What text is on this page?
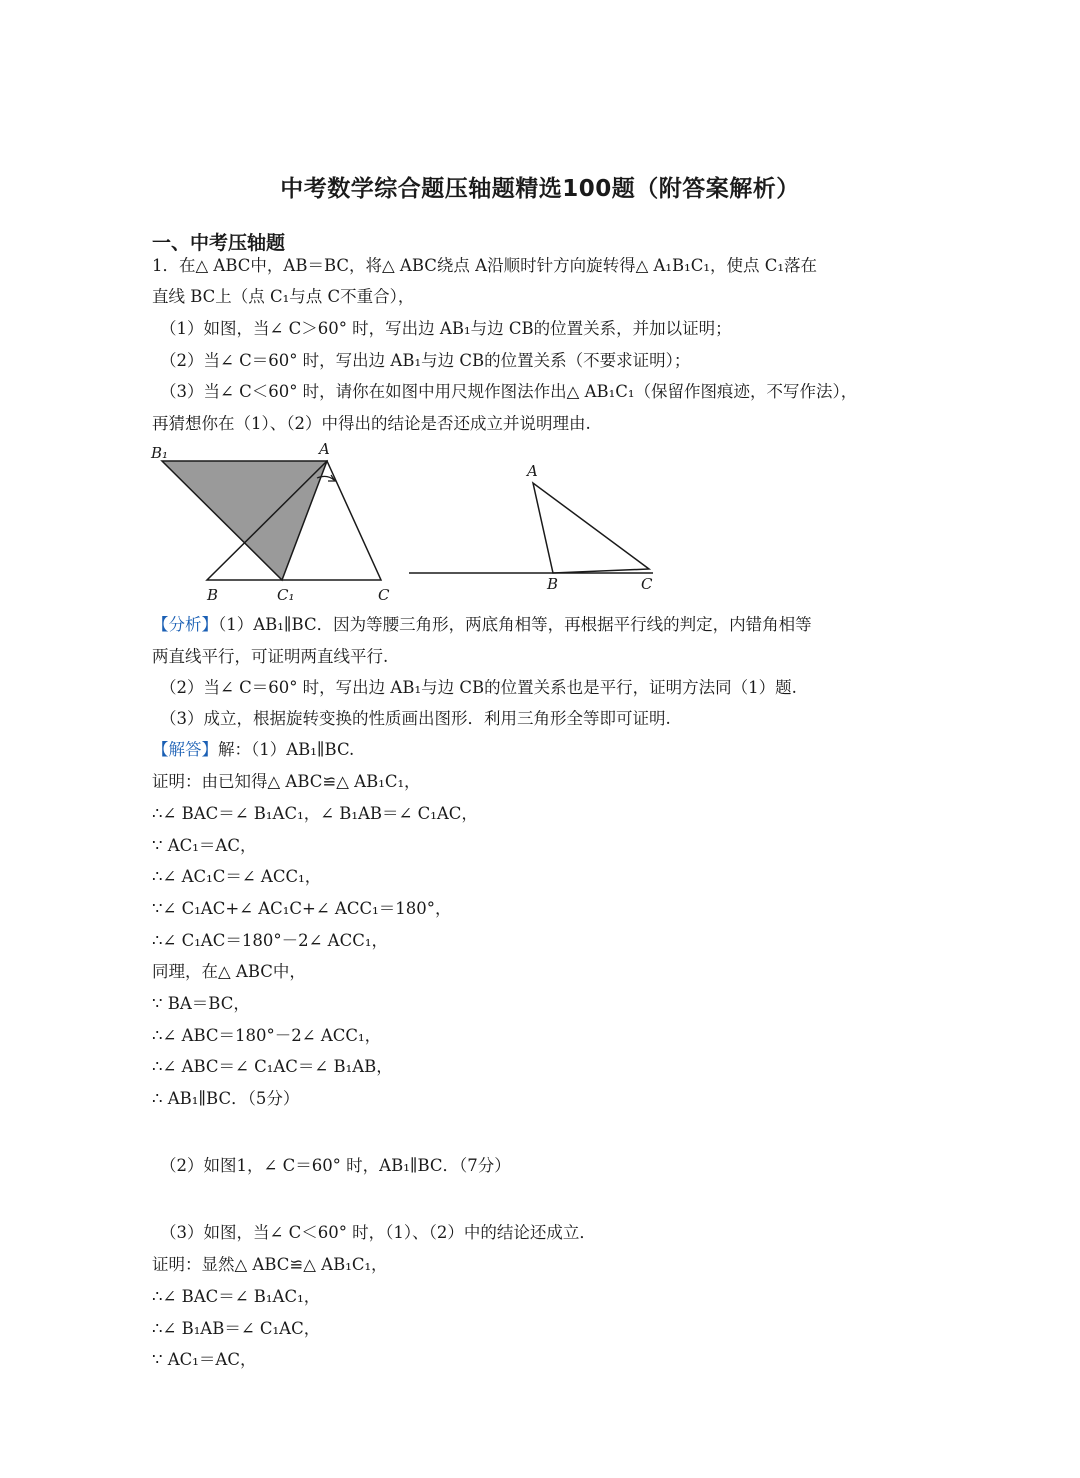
中考数学综合题压轴题精选100题（附答案解析）
一、中考压轴题
1．在△ ABC中，AB＝BC，将△ ABC绕点 A沿顺时针方向旋转得△ A₁B₁C₁，使点 C₁落在
直线 BC上（点 C₁与点 C不重合），
（1）如图，当∠ C＞60° 时，写出边 AB₁与边 CB的位置关系，并加以证明；
（2）当∠ C＝60° 时，写出边 AB₁与边 CB的位置关系（不要求证明）；
（3）当∠ C＜60° 时，请你在如图中用尺规作图法作出△ AB₁C₁（保留作图痕迹，不写作法），
再猜想你在（1）、（2）中得出的结论是否还成立并说明理由.
B₁	A
B	C₁	C
A
B	C
【分析】（1）AB₁∥BC．因为等腰三角形，两底角相等，再根据平行线的判定，内错角相等
两直线平行，可证明两直线平行.
（2）当∠ C＝60° 时，写出边 AB₁与边 CB的位置关系也是平行，证明方法同（1）题.
（3）成立，根据旋转变换的性质画出图形．利用三角形全等即可证明.
【解答】解：（1）AB₁∥BC.
证明：由已知得△ ABC≌△ AB₁C₁，
∴∠ BAC＝∠ B₁AC₁，∠ B₁AB＝∠ C₁AC，
∵ AC₁＝AC，
∴∠ AC₁C＝∠ ACC₁，
∵∠ C₁AC+∠ AC₁C+∠ ACC₁＝180°，
∴∠ C₁AC＝180°－2∠ ACC₁，
同理，在△ ABC中，
∵ BA＝BC，
∴∠ ABC＝180°－2∠ ACC₁，
∴∠ ABC＝∠ C₁AC＝∠ B₁AB，
∴ AB₁∥BC．（5分）
（2）如图1，∠ C＝60° 时，AB₁∥BC．（7分）
（3）如图，当∠ C＜60° 时，（1）、（2）中的结论还成立．
证明：显然△ ABC≌△ AB₁C₁，
∴∠ BAC＝∠ B₁AC₁，
∴∠ B₁AB＝∠ C₁AC，
∵ AC₁＝AC，
